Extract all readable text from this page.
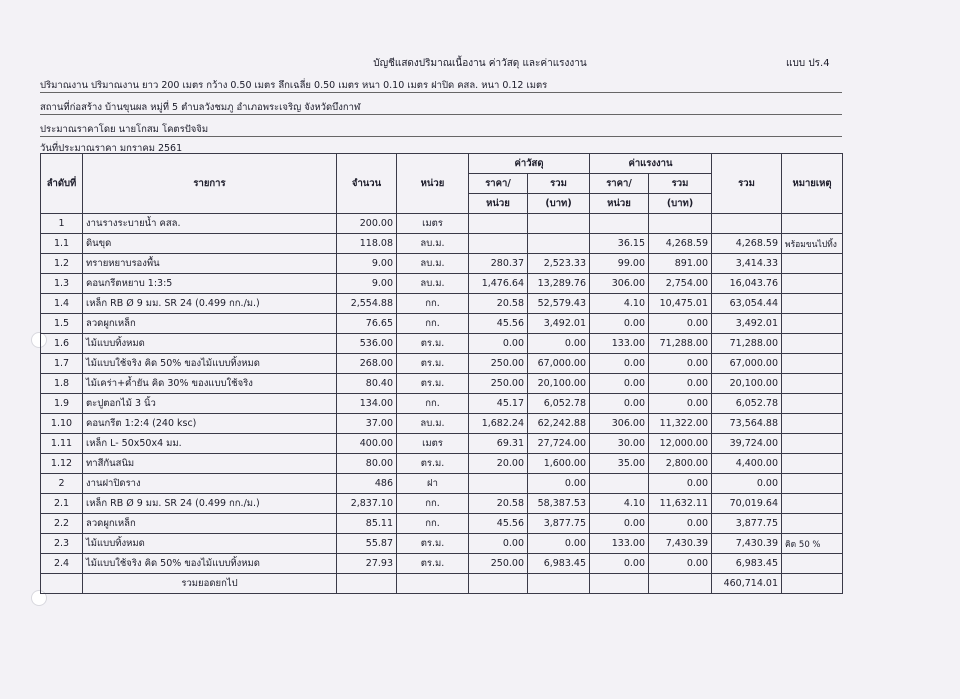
บัญชีแสดงปริมาณเนื้องาน ค่าวัสดุ และค่าแรงงาน	แบบ ปร.4
ปริมาณงาน ปริมาณงาน ยาว 200 เมตร กว้าง 0.50 เมตร ลึกเฉลี่ย 0.50 เมตร หนา 0.10 เมตร ฝาปิด คสล. หนา 0.12 เมตร
สถานที่ก่อสร้าง บ้านขุนผล หมู่ที่ 5 ตำบลวังชมภู อำเภอพระเจริญ จังหวัดบึงกาฬ
ประมาณราคาโดย นายโกสม โคตรปัจจิม
วันที่ประมาณราคา มกราคม 2561
ลำดับที่	รายการ	จำนวน	หน่วย	ค่าวัสดุ		ค่าแรงงาน		รวม	หมายเหตุ
				ราคา/	รวม	ราคา/	รวม		
				หน่วย	(บาท)	หน่วย	(บาท)		
1	งานรางระบายน้ำ คสล.	200.00	เมตร						
1.1	ดินขุด	118.08	ลบ.ม.			36.15	4,268.59	4,268.59	พร้อมขนไปทิ้ง
1.2	ทรายหยาบรองพื้น	9.00	ลบ.ม.	280.37	2,523.33	99.00	891.00	3,414.33	
1.3	คอนกรีตหยาบ 1:3:5	9.00	ลบ.ม.	1,476.64	13,289.76	306.00	2,754.00	16,043.76	
1.4	เหล็ก RB Ø 9 มม. SR 24 (0.499 กก./ม.)	2,554.88	กก.	20.58	52,579.43	4.10	10,475.01	63,054.44	
1.5	ลวดผูกเหล็ก	76.65	กก.	45.56	3,492.01	0.00	0.00	3,492.01	
1.6	ไม้แบบทิ้งหมด	536.00	ตร.ม.	0.00	0.00	133.00	71,288.00	71,288.00	
1.7	ไม้แบบใช้จริง คิด 50% ของไม้แบบทิ้งหมด	268.00	ตร.ม.	250.00	67,000.00	0.00	0.00	67,000.00	
1.8	ไม้เคร่า+ค้ำยัน คิด 30% ของแบบใช้จริง	80.40	ตร.ม.	250.00	20,100.00	0.00	0.00	20,100.00	
1.9	ตะปูตอกไม้ 3 นิ้ว	134.00	กก.	45.17	6,052.78	0.00	0.00	6,052.78	
1.10	คอนกรีต 1:2:4 (240 ksc)	37.00	ลบ.ม.	1,682.24	62,242.88	306.00	11,322.00	73,564.88	
1.11	เหล็ก L- 50x50x4 มม.	400.00	เมตร	69.31	27,724.00	30.00	12,000.00	39,724.00	
1.12	ทาสีกันสนิม	80.00	ตร.ม.	20.00	1,600.00	35.00	2,800.00	4,400.00	
2	งานฝาปิดราง	486	ฝา		0.00		0.00	0.00	
2.1	เหล็ก RB Ø 9 มม. SR 24 (0.499 กก./ม.)	2,837.10	กก.	20.58	58,387.53	4.10	11,632.11	70,019.64	
2.2	ลวดผูกเหล็ก	85.11	กก.	45.56	3,877.75	0.00	0.00	3,877.75	
2.3	ไม้แบบทิ้งหมด	55.87	ตร.ม.	0.00	0.00	133.00	7,430.39	7,430.39	คิด 50 %
2.4	ไม้แบบใช้จริง คิด 50% ของไม้แบบทิ้งหมด	27.93	ตร.ม.	250.00	6,983.45	0.00	0.00	6,983.45	
	รวมยอดยกไป							460,714.01	
